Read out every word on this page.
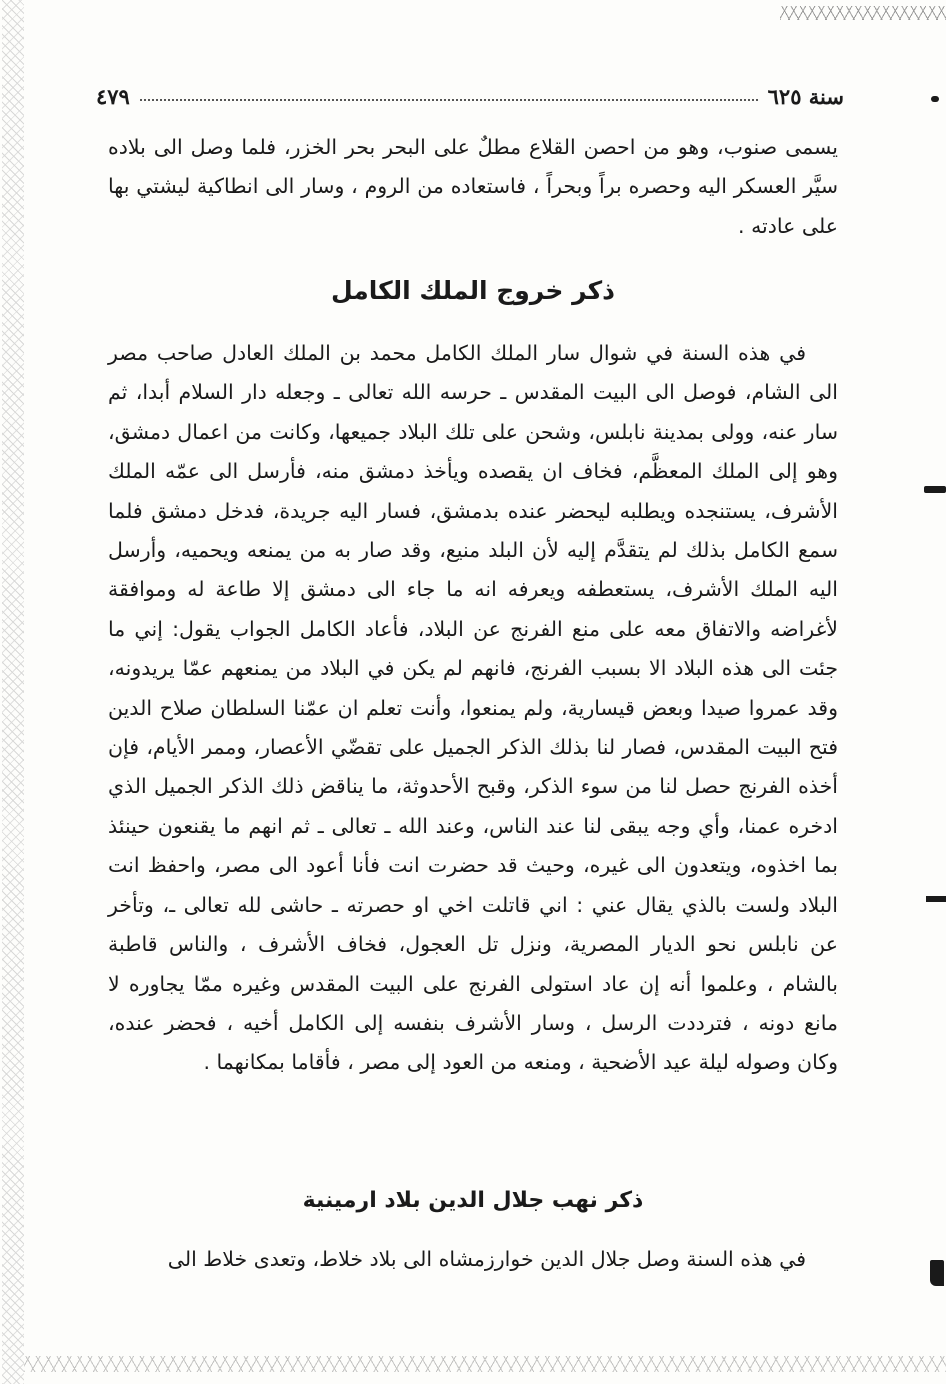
سنة ٦٢٥
٤٧٩

يسمى صنوب، وهو من احصن القلاع مطلٌ على البحر بحر الخزر، فلما وصل الى بلاده سيَّر العسكر اليه وحصره براً وبحراً ، فاستعاده من الروم ، وسار الى انطاكية ليشتي بها على عادته .

ذكر خروج الملك الكامل

في هذه السنة في شوال سار الملك الكامل محمد بن الملك العادل صاحب مصر الى الشام، فوصل الى البيت المقدس ـ حرسه الله تعالى ـ وجعله دار السلام أبدا، ثم سار عنه، وولى بمدينة نابلس، وشحن على تلك البلاد جميعها، وكانت من اعمال دمشق، وهو إلى الملك المعظَّم، فخاف ان يقصده ويأخذ دمشق منه، فأرسل الى عمّه الملك الأشرف، يستنجده ويطلبه ليحضر عنده بدمشق، فسار اليه جريدة، فدخل دمشق فلما سمع الكامل بذلك لم يتقدَّم إليه لأن البلد منيع، وقد صار به من يمنعه ويحميه، وأرسل اليه الملك الأشرف، يستعطفه ويعرفه انه ما جاء الى دمشق إلا طاعة له وموافقة لأغراضه والاتفاق معه على منع الفرنج عن البلاد، فأعاد الكامل الجواب يقول: إني ما جئت الى هذه البلاد الا بسبب الفرنج، فانهم لم يكن في البلاد من يمنعهم عمّا يريدونه، وقد عمروا صيدا وبعض قيسارية، ولم يمنعوا، وأنت تعلم ان عمّنا السلطان صلاح الدين فتح البيت المقدس، فصار لنا بذلك الذكر الجميل على تقضّي الأعصار، وممر الأيام، فإن أخذه الفرنج حصل لنا من سوء الذكر، وقبح الأحدوثة، ما يناقض ذلك الذكر الجميل الذي ادخره عمنا، وأي وجه يبقى لنا عند الناس، وعند الله ـ تعالى ـ ثم انهم ما يقنعون حينئذ بما اخذوه، ويتعدون الى غيره، وحيث قد حضرت انت فأنا أعود الى مصر، واحفظ انت البلاد ولست بالذي يقال عني : اني قاتلت اخي او حصرته ـ حاشى لله تعالى ـ، وتأخر عن نابلس نحو الديار المصرية، ونزل تل العجول، فخاف الأشرف ، والناس قاطبة بالشام ، وعلموا أنه إن عاد استولى الفرنج على البيت المقدس وغيره ممّا يجاوره لا مانع دونه ، فترددت الرسل ، وسار الأشرف بنفسه إلى الكامل أخيه ، فحضر عنده، وكان وصوله ليلة عيد الأضحية ، ومنعه من العود إلى مصر ، فأقاما بمكانهما .

ذكر نهب جلال الدين بلاد ارمينية

في هذه السنة وصل جلال الدين خوارزمشاه الى بلاد خلاط، وتعدى خلاط الى
